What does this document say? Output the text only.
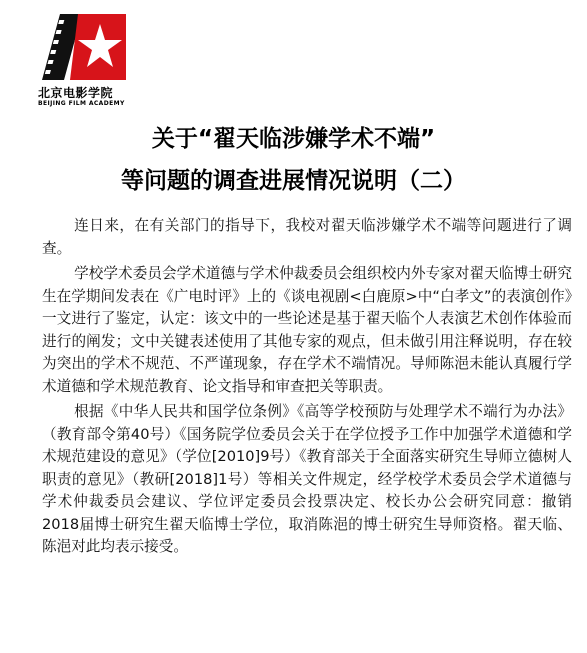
北京电影学院
BEIJING FILM ACADEMY
关于“翟天临涉嫌学术不端”
等问题的调查进展情况说明（二）

连日来，在有关部门的指导下，我校对翟天临涉嫌学术不端等问题进行了调查。

学校学术委员会学术道德与学术仲裁委员会组织校内外专家对翟天临博士研究生在学期间发表在《广电时评》上的《谈电视剧<白鹿原>中“白孝文”的表演创作》一文进行了鉴定，认定：该文中的一些论述是基于翟天临个人表演艺术创作体验而进行的阐发；文中关键表述使用了其他专家的观点，但未做引用注释说明，存在较为突出的学术不规范、不严谨现象，存在学术不端情况。导师陈浥未能认真履行学术道德和学术规范教育、论文指导和审查把关等职责。

根据《中华人民共和国学位条例》《高等学校预防与处理学术不端行为办法》（教育部令第40号）《国务院学位委员会关于在学位授予工作中加强学术道德和学术规范建设的意见》（学位[2010]9号）《教育部关于全面落实研究生导师立德树人职责的意见》（教研[2018]1号）等相关文件规定，经学校学术委员会学术道德与学术仲裁委员会建议、学位评定委员会投票决定、校长办公会研究同意：撤销2018届博士研究生翟天临博士学位，取消陈浥的博士研究生导师资格。翟天临、陈浥对此均表示接受。
